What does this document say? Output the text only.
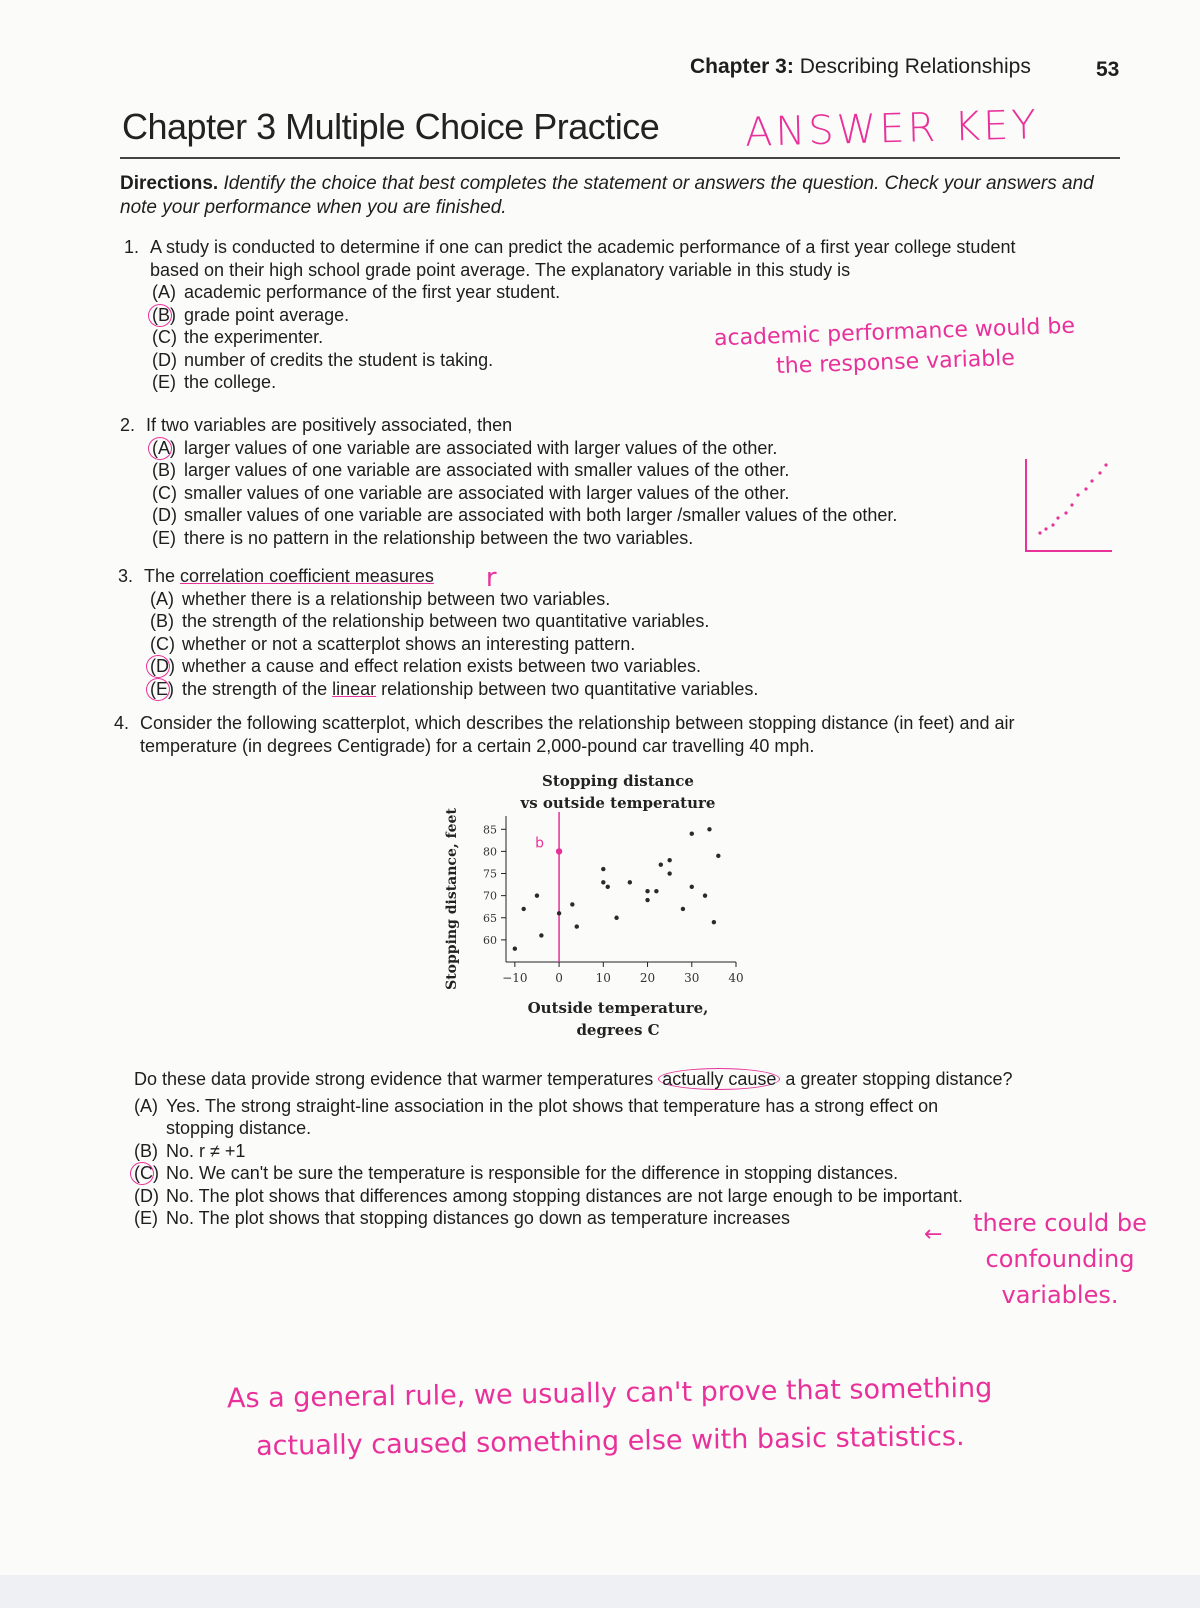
Chapter 3: Describing Relationships	53
Chapter 3 Multiple Choice Practice ANSWER KEY
Directions. Identify the choice that best completes the statement or answers the question. Check your answers and note your performance when you are finished.
1. A study is conducted to determine if one can predict the academic performance of a first year college student based on their high school grade point average. The explanatory variable in this study is
(A) academic performance of the first year student.
(B) grade point average.
(C) the experimenter.
(D) number of credits the student is taking.
(E) the college.
academic performance would be the response variable
2. If two variables are positively associated, then
(A) larger values of one variable are associated with larger values of the other.
(B) larger values of one variable are associated with smaller values of the other.
(C) smaller values of one variable are associated with larger values of the other.
(D) smaller values of one variable are associated with both larger /smaller values of the other.
(E) there is no pattern in the relationship between the two variables.
3. The correlation coefficient measures r
(A) whether there is a relationship between two variables.
(B) the strength of the relationship between two quantitative variables.
(C) whether or not a scatterplot shows an interesting pattern.
(D) whether a cause and effect relation exists between two variables.
(E) the strength of the linear relationship between two quantitative variables.
4. Consider the following scatterplot, which describes the relationship between stopping distance (in feet) and air temperature (in degrees Centigrade) for a certain 2,000-pound car travelling 40 mph.
Stopping distance
vs outside temperature
−10 0	10 20 30 40
60
65
70
75
80
85
Outside temperature,
degrees C
Stopping distance, feet	b
Do these data provide strong evidence that warmer temperatures actually cause a greater stopping distance?
(A) Yes. The strong straight-line association in the plot shows that temperature has a strong effect on stopping distance.
(B) No. r ≠ +1
(C) No. We can't be sure the temperature is responsible for the difference in stopping distances.
(D) No. The plot shows that differences among stopping distances are not large enough to be important.
(E) No. The plot shows that stopping distances go down as temperature increases
←	there could be confounding variables.
As a general rule, we usually can't prove that something actually caused something else with basic statistics.
